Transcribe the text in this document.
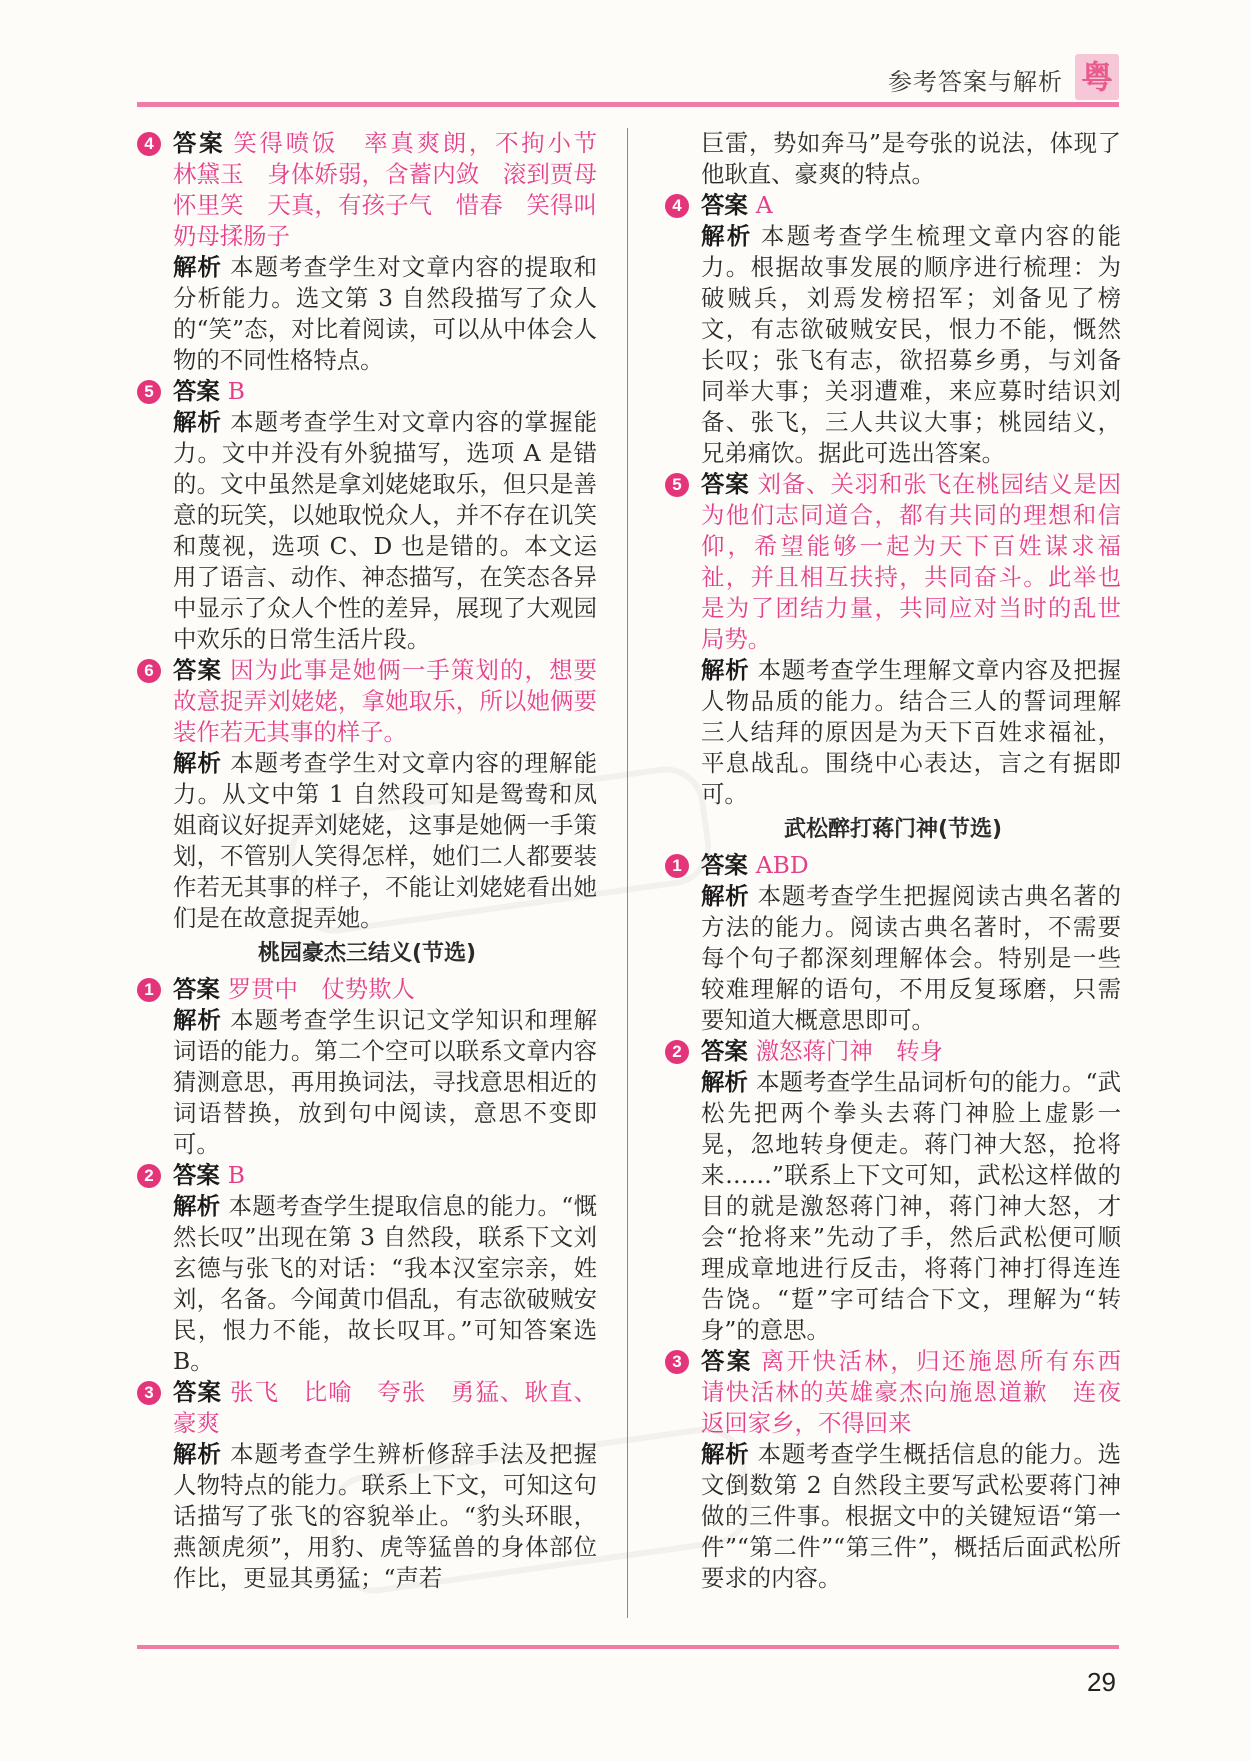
参考答案与解析 粤
4 答案 笑得喷饭　率真爽朗，不拘小节　林黛玉　身体娇弱，含蓄内敛　滚到贾母怀里笑　天真，有孩子气　惜春　笑得叫奶母揉肠子
解析 本题考查学生对文章内容的提取和分析能力。选文第 3 自然段描写了众人的“笑”态，对比着阅读，可以从中体会人物的不同性格特点。
5 答案 B
解析 本题考查学生对文章内容的掌握能力。文中并没有外貌描写，选项 A 是错的。文中虽然是拿刘姥姥取乐，但只是善意的玩笑，以她取悦众人，并不存在讥笑和蔑视，选项 C、D 也是错的。本文运用了语言、动作、神态描写，在笑态各异中显示了众人个性的差异，展现了大观园中欢乐的日常生活片段。
6 答案 因为此事是她俩一手策划的，想要故意捉弄刘姥姥，拿她取乐，所以她俩要装作若无其事的样子。
解析 本题考查学生对文章内容的理解能力。从文中第 1 自然段可知是鸳鸯和凤姐商议好捉弄刘姥姥，这事是她俩一手策划，不管别人笑得怎样，她们二人都要装作若无其事的样子，不能让刘姥姥看出她们是在故意捉弄她。
桃园豪杰三结义(节选)
1 答案 罗贯中　仗势欺人
解析 本题考查学生识记文学知识和理解词语的能力。第二个空可以联系文章内容猜测意思，再用换词法，寻找意思相近的词语替换，放到句中阅读，意思不变即可。
2 答案 B
解析 本题考查学生提取信息的能力。“慨然长叹”出现在第 3 自然段，联系下文刘玄德与张飞的对话：“我本汉室宗亲，姓刘，名备。今闻黄巾倡乱，有志欲破贼安民，恨力不能，故长叹耳。”可知答案选 B。
3 答案 张飞　比喻　夸张　勇猛、耿直、豪爽
解析 本题考查学生辨析修辞手法及把握人物特点的能力。联系上下文，可知这句话描写了张飞的容貌举止。“豹头环眼，燕颔虎须”，用豹、虎等猛兽的身体部位作比，更显其勇猛；“声若
巨雷，势如奔马”是夸张的说法，体现了他耿直、豪爽的特点。
4 答案 A
解析 本题考查学生梳理文章内容的能力。根据故事发展的顺序进行梳理：为破贼兵，刘焉发榜招军；刘备见了榜文，有志欲破贼安民，恨力不能，慨然长叹；张飞有志，欲招募乡勇，与刘备同举大事；关羽遭难，来应募时结识刘备、张飞，三人共议大事；桃园结义，兄弟痛饮。据此可选出答案。
5 答案 刘备、关羽和张飞在桃园结义是因为他们志同道合，都有共同的理想和信仰，希望能够一起为天下百姓谋求福祉，并且相互扶持，共同奋斗。此举也是为了团结力量，共同应对当时的乱世局势。
解析 本题考查学生理解文章内容及把握人物品质的能力。结合三人的誓词理解三人结拜的原因是为天下百姓求福祉，平息战乱。围绕中心表达，言之有据即可。
武松醉打蒋门神(节选)
1 答案 ABD
解析 本题考查学生把握阅读古典名著的方法的能力。阅读古典名著时，不需要每个句子都深刻理解体会。特别是一些较难理解的语句，不用反复琢磨，只需要知道大概意思即可。
2 答案 激怒蒋门神　转身
解析 本题考查学生品词析句的能力。“武松先把两个拳头去蒋门神脸上虚影一晃，忽地转身便走。蒋门神大怒，抢将来……”联系上下文可知，武松这样做的目的就是激怒蒋门神，蒋门神大怒，才会“抢将来”先动了手，然后武松便可顺理成章地进行反击，将蒋门神打得连连告饶。“踅”字可结合下文，理解为“转身”的意思。
3 答案 离开快活林，归还施恩所有东西　请快活林的英雄豪杰向施恩道歉　连夜返回家乡，不得回来
解析 本题考查学生概括信息的能力。选文倒数第 2 自然段主要写武松要蒋门神做的三件事。根据文中的关键短语“第一件”“第二件”“第三件”，概括后面武松所要求的内容。
29
